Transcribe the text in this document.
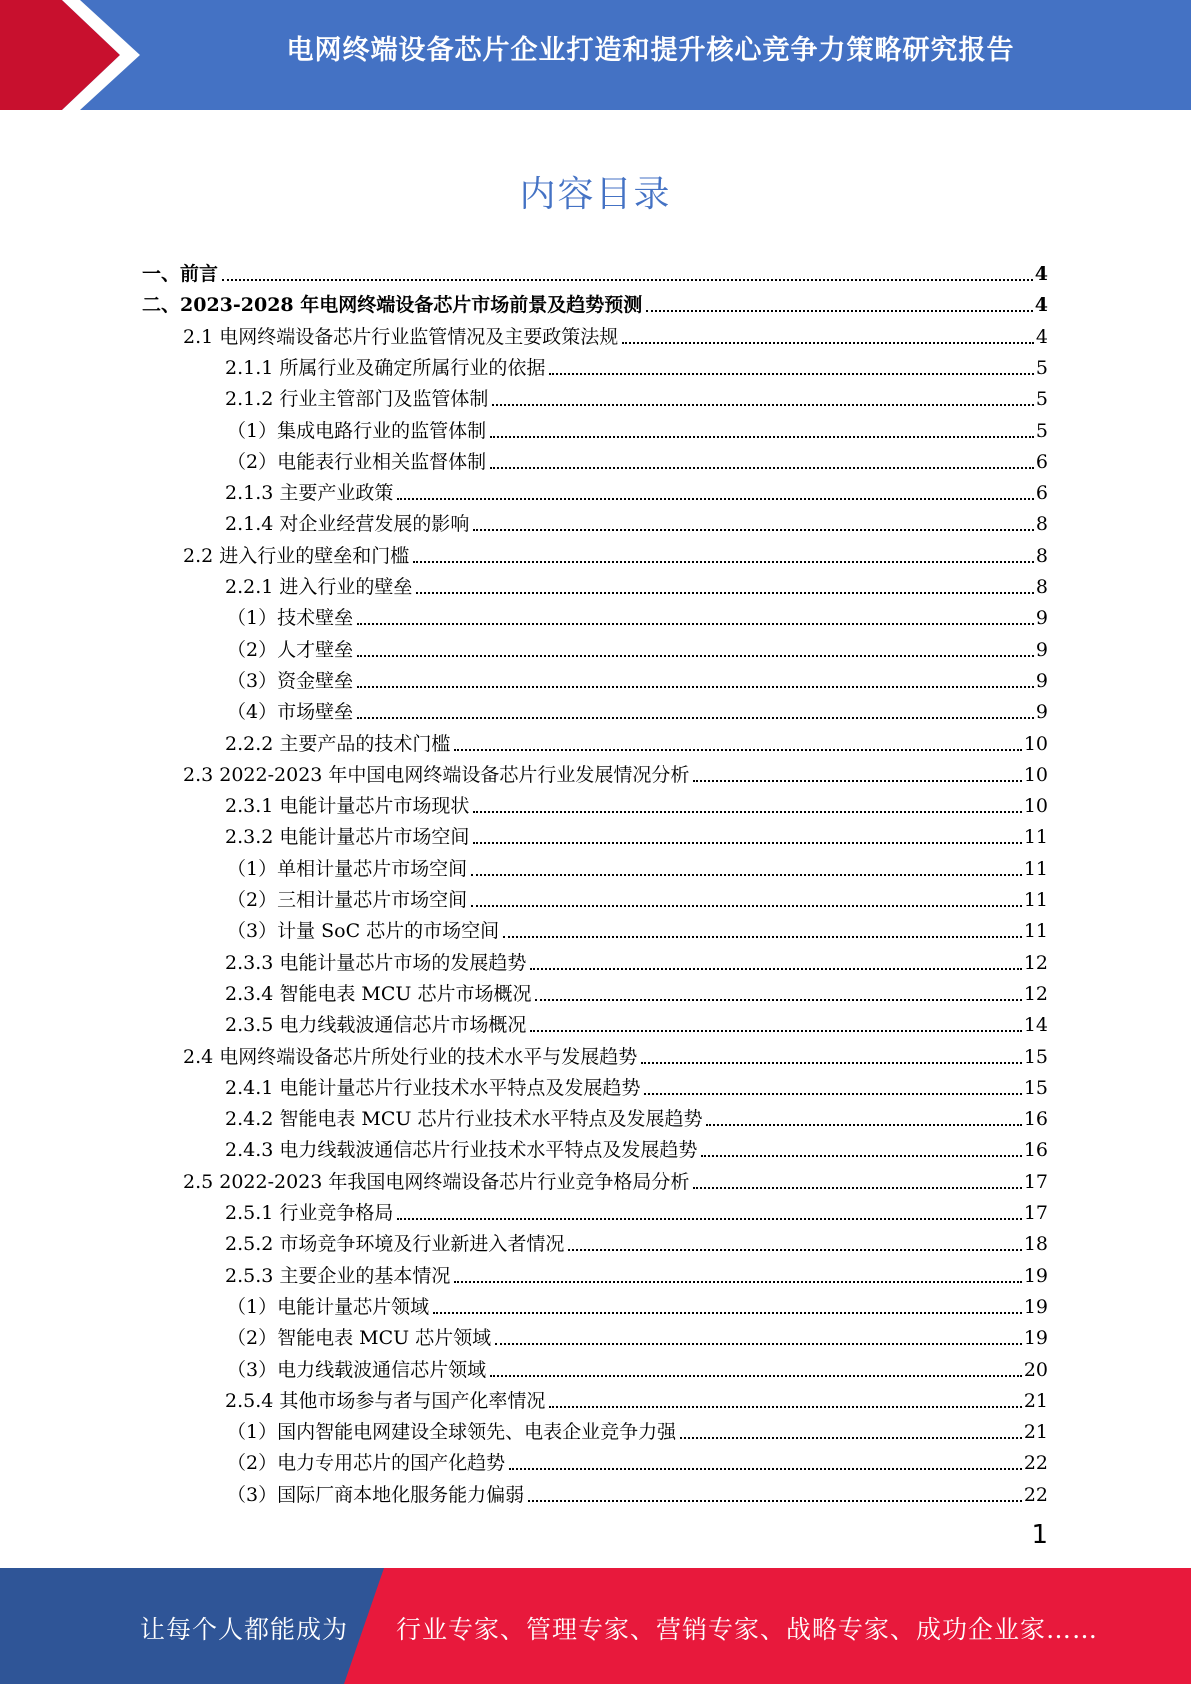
电网终端设备芯片企业打造和提升核心竞争力策略研究报告
内容目录
一、前言	4
二、2023-2028 年电网终端设备芯片市场前景及趋势预测	4
2.1 电网终端设备芯片行业监管情况及主要政策法规	4
2.1.1 所属行业及确定所属行业的依据	5
2.1.2 行业主管部门及监管体制	5
（1）集成电路行业的监管体制	5
（2）电能表行业相关监督体制	6
2.1.3 主要产业政策	6
2.1.4 对企业经营发展的影响	8
2.2 进入行业的壁垒和门槛	8
2.2.1 进入行业的壁垒	8
（1）技术壁垒	9
（2）人才壁垒	9
（3）资金壁垒	9
（4）市场壁垒	9
2.2.2 主要产品的技术门槛	10
2.3 2022-2023 年中国电网终端设备芯片行业发展情况分析	10
2.3.1 电能计量芯片市场现状	10
2.3.2 电能计量芯片市场空间	11
（1）单相计量芯片市场空间	11
（2）三相计量芯片市场空间	11
（3）计量 SoC 芯片的市场空间	11
2.3.3 电能计量芯片市场的发展趋势	12
2.3.4 智能电表 MCU 芯片市场概况	12
2.3.5 电力线载波通信芯片市场概况	14
2.4 电网终端设备芯片所处行业的技术水平与发展趋势	15
2.4.1 电能计量芯片行业技术水平特点及发展趋势	15
2.4.2 智能电表 MCU 芯片行业技术水平特点及发展趋势	16
2.4.3 电力线载波通信芯片行业技术水平特点及发展趋势	16
2.5 2022-2023 年我国电网终端设备芯片行业竞争格局分析	17
2.5.1 行业竞争格局	17
2.5.2 市场竞争环境及行业新进入者情况	18
2.5.3 主要企业的基本情况	19
（1）电能计量芯片领域	19
（2）智能电表 MCU 芯片领域	19
（3）电力线载波通信芯片领域	20
2.5.4 其他市场参与者与国产化率情况	21
（1）国内智能电网建设全球领先、电表企业竞争力强	21
（2）电力专用芯片的国产化趋势	22
（3）国际厂商本地化服务能力偏弱	22
1
让每个人都能成为 行业专家、管理专家、营销专家、战略专家、成功企业家……
